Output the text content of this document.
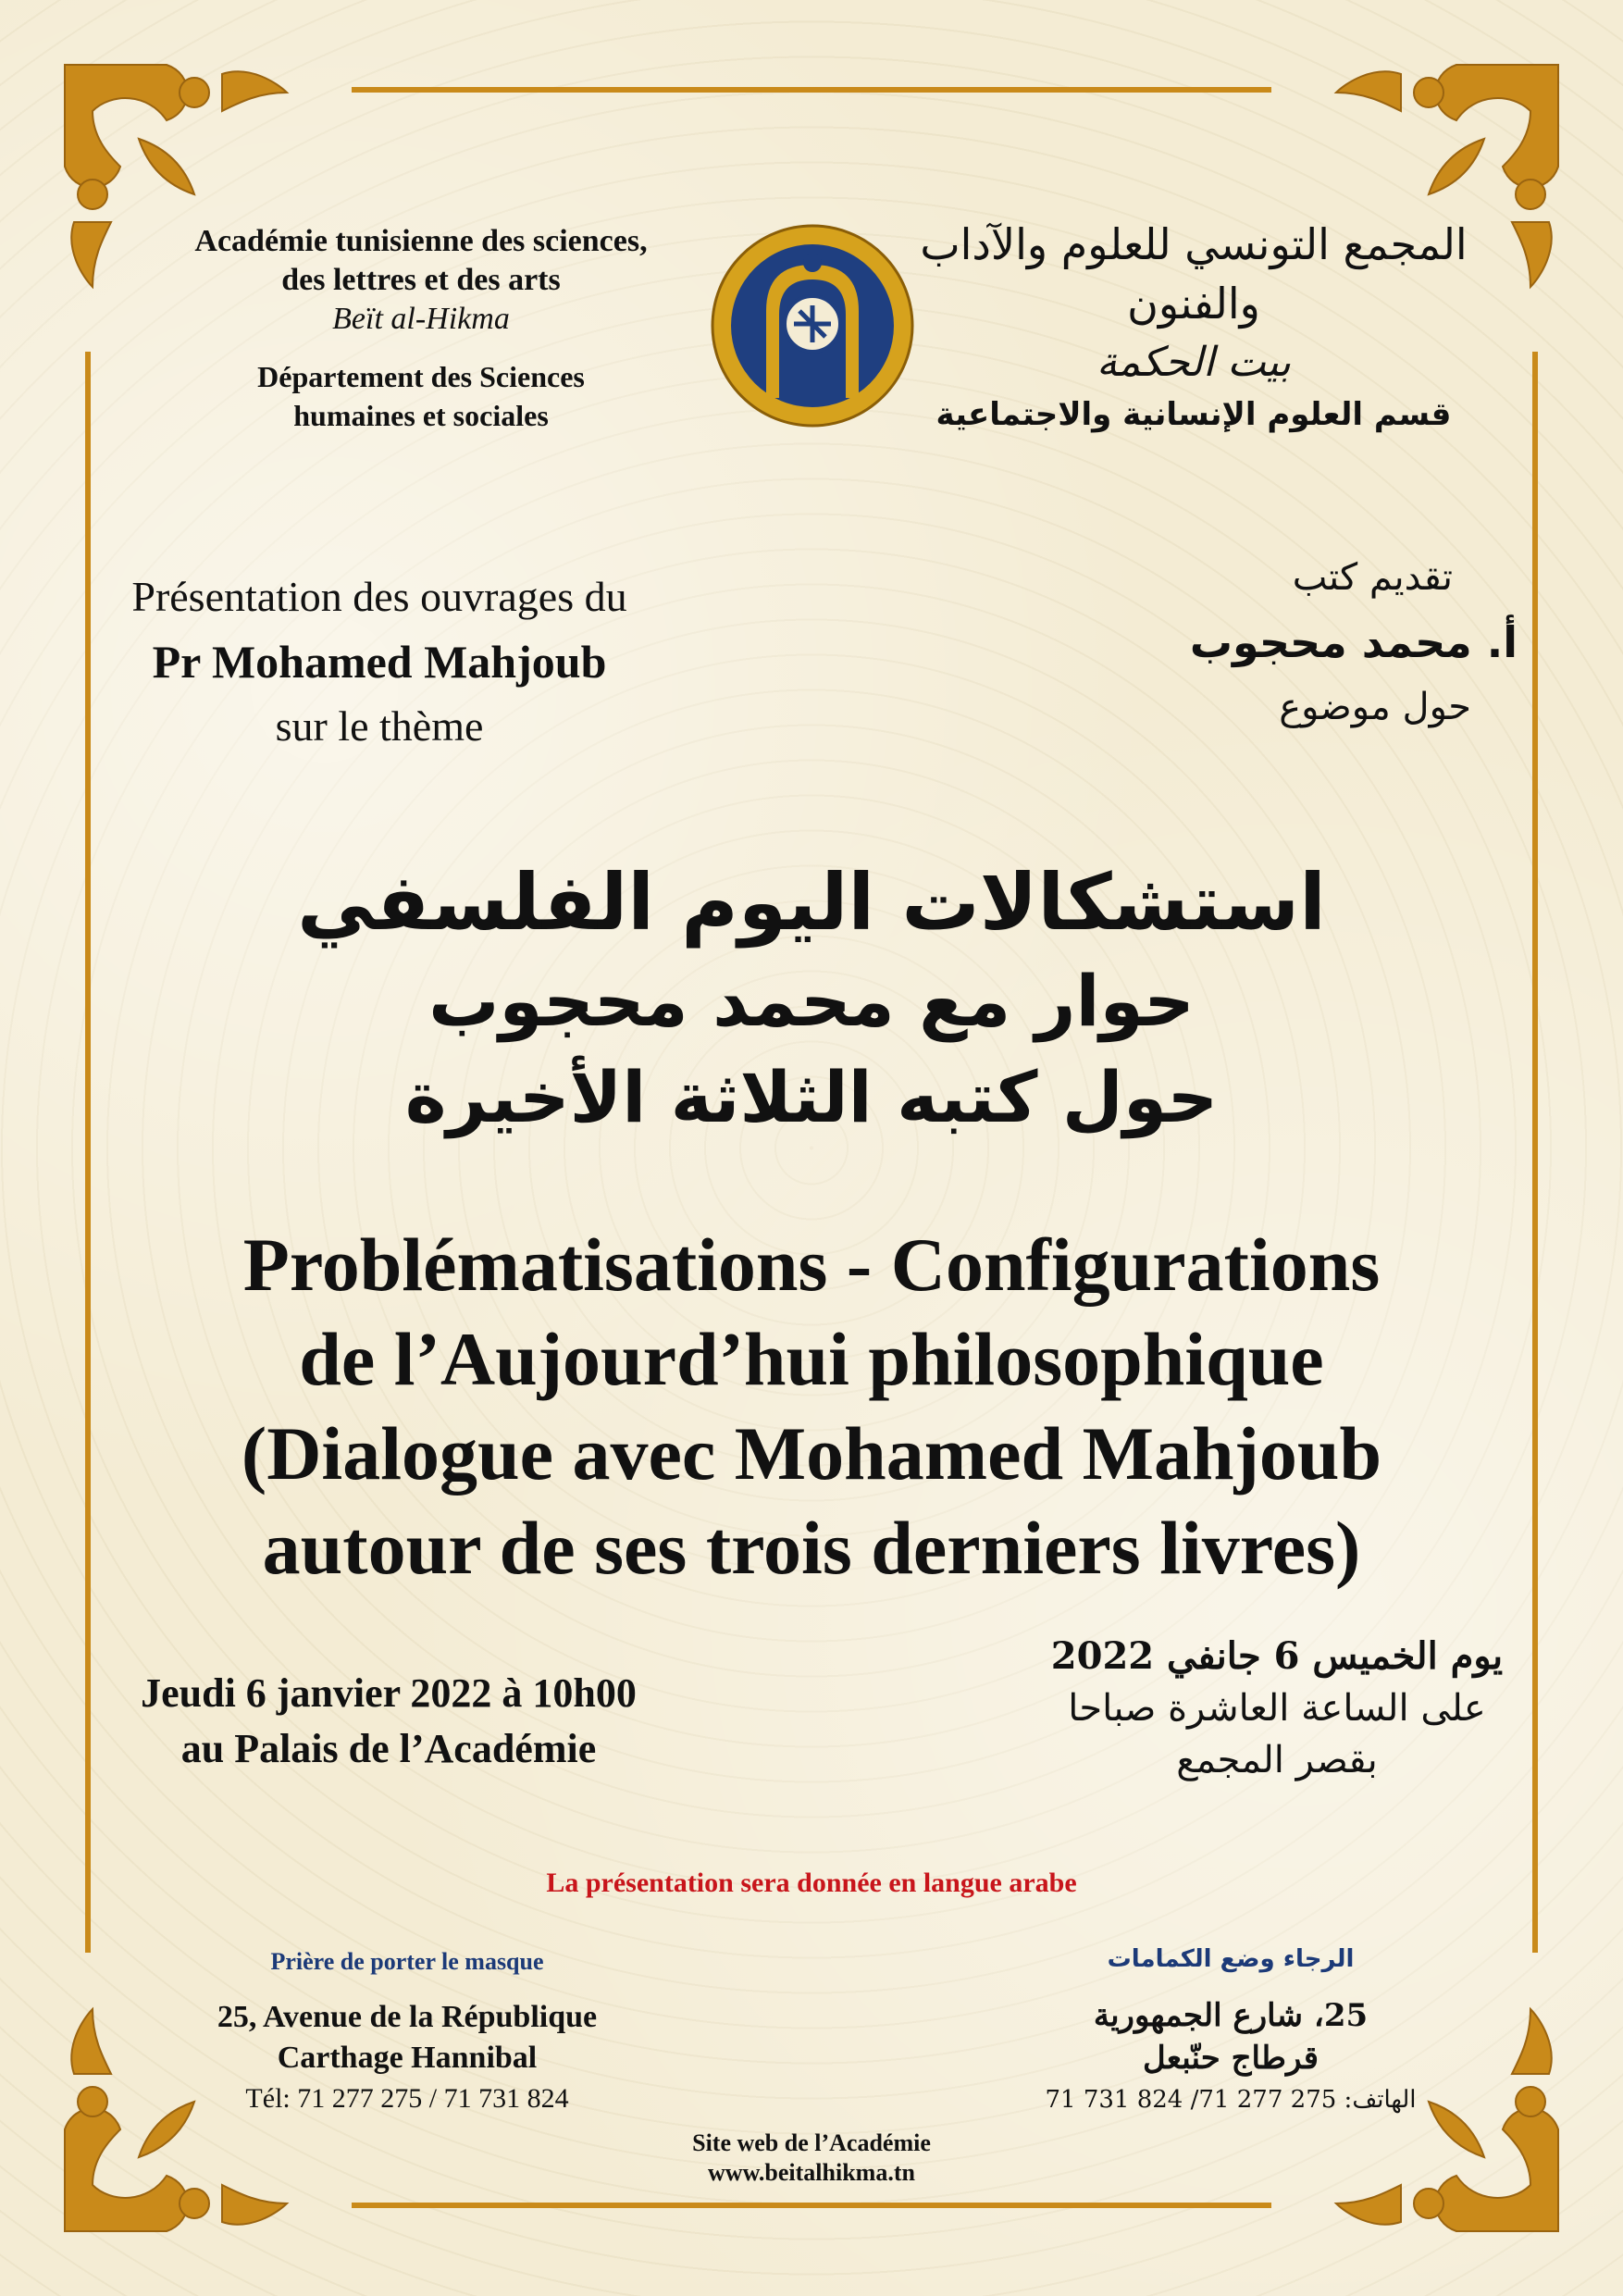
Académie tunisienne des sciences,
des lettres et des arts
Beït al-Hikma
Département des Sciences
humaines et sociales
المجمع التونسي للعلوم والآداب والفنون
بيت الحكمة
قسم العلوم الإنسانية والاجتماعية
Présentation des ouvrages du
Pr Mohamed Mahjoub
sur le thème
تقديم كتب
أ. محمد محجوب
حول موضوع
استشكالات اليوم الفلسفي
حوار مع محمد محجوب
حول كتبه الثلاثة الأخيرة
Problématisations - Configurations
de l’Aujourd’hui philosophique
(Dialogue avec Mohamed Mahjoub
autour de ses trois derniers livres)
Jeudi 6 janvier 2022 à 10h00
au Palais de l’Académie
يوم الخميس 6 جانفي 2022
على الساعة العاشرة صباحا
بقصر المجمع
La présentation sera donnée en langue arabe
Prière de porter le masque	الرجاء وضع الكمامات
25, Avenue de la République
Carthage Hannibal
Tél: 71 277 275 / 71 731 824
25، شارع الجمهورية
قرطاج حنّبعل
الهاتف: 275 277 71/ 824 731 71
Site web de l’Académie
www.beitalhikma.tn
